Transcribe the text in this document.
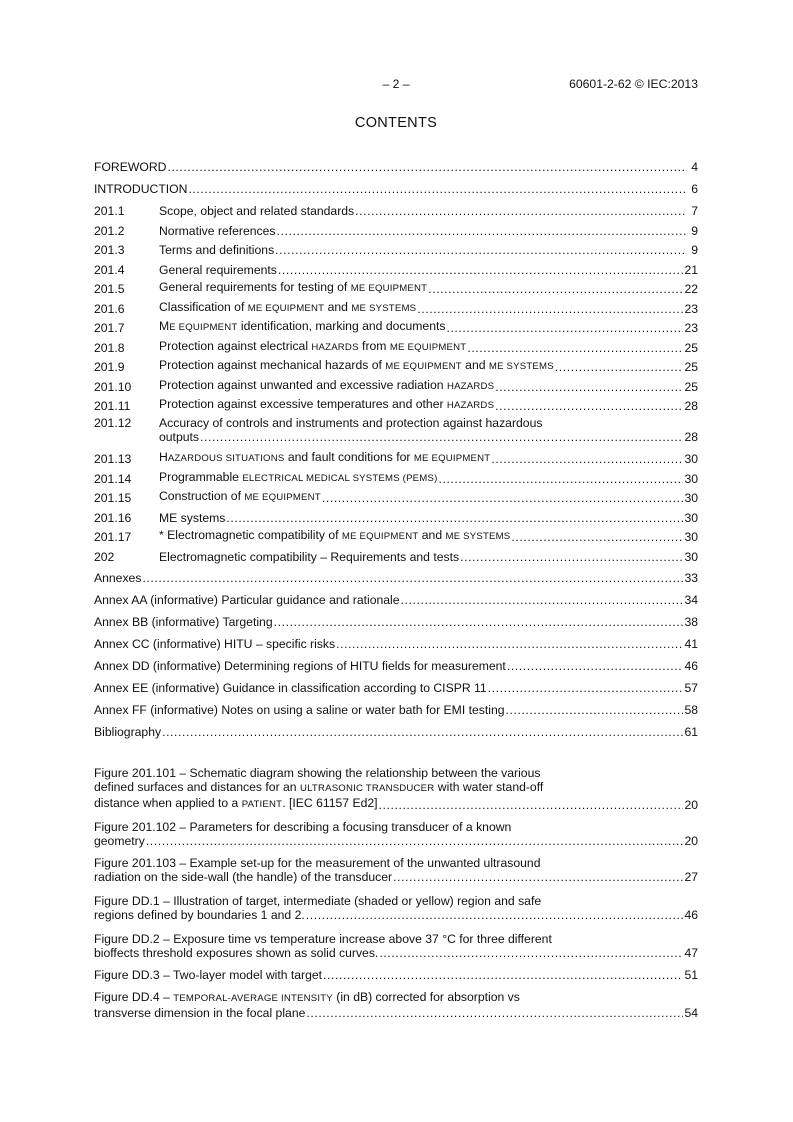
– 2 –	60601-2-62 © IEC:2013
CONTENTS
FOREWORD .....	4
INTRODUCTION .....	6
201.1	Scope, object and related standards .....	7
201.2	Normative references .....	9
201.3	Terms and definitions .....	9
201.4	General requirements .....	21
201.5	General requirements for testing of ME EQUIPMENT .....	22
201.6	Classification of ME EQUIPMENT and ME SYSTEMS .....	23
201.7	ME EQUIPMENT identification, marking and documents .....	23
201.8	Protection against electrical HAZARDS from ME EQUIPMENT .....	25
201.9	Protection against mechanical hazards of ME EQUIPMENT and ME SYSTEMS .....	25
201.10	Protection against unwanted and excessive radiation HAZARDS .....	25
201.11	Protection against excessive temperatures and other HAZARDS .....	28
201.12 Accuracy of controls and instruments and protection against hazardous
outputs .....	28
201.13	HAZARDOUS SITUATIONS and fault conditions for ME EQUIPMENT .....	30
201.14	Programmable ELECTRICAL MEDICAL SYSTEMS (PEMS) .....	30
201.15	Construction of ME EQUIPMENT .....	30
201.16	ME systems .....	30
201.17	* Electromagnetic compatibility of ME EQUIPMENT and ME SYSTEMS .....	30
202	Electromagnetic compatibility – Requirements and tests .....	30
Annexes .....	33
Annex AA (informative) Particular guidance and rationale .....	34
Annex BB (informative) Targeting .....	38
Annex CC (informative) HITU – specific risks .....	41
Annex DD (informative) Determining regions of HITU fields for measurement .....	46
Annex EE (informative) Guidance in classification according to CISPR 11 .....	57
Annex FF (informative) Notes on using a saline or water bath for EMI testing .....	58
Bibliography .....	61
Figure 201.101 – Schematic diagram showing the relationship between the various
defined surfaces and distances for an ULTRASONIC TRANSDUCER with water stand-off
distance when applied to a PATIENT. [IEC 61157 Ed2] .....	20
Figure 201.102 – Parameters for describing a focusing transducer of a known
geometry .....	20
Figure 201.103 – Example set-up for the measurement of the unwanted ultrasound
radiation on the side-wall (the handle) of the transducer .....	27
Figure DD.1 – Illustration of target, intermediate (shaded or yellow) region and safe
regions defined by boundaries 1 and 2. .....	46
Figure DD.2 – Exposure time vs temperature increase above 37 °C for three different
bioffects threshold exposures shown as solid curves. .....	47
Figure DD.3 – Two-layer model with target .....	51
Figure DD.4 – TEMPORAL-AVERAGE INTENSITY (in dB) corrected for absorption vs
transverse dimension in the focal plane .....	54
